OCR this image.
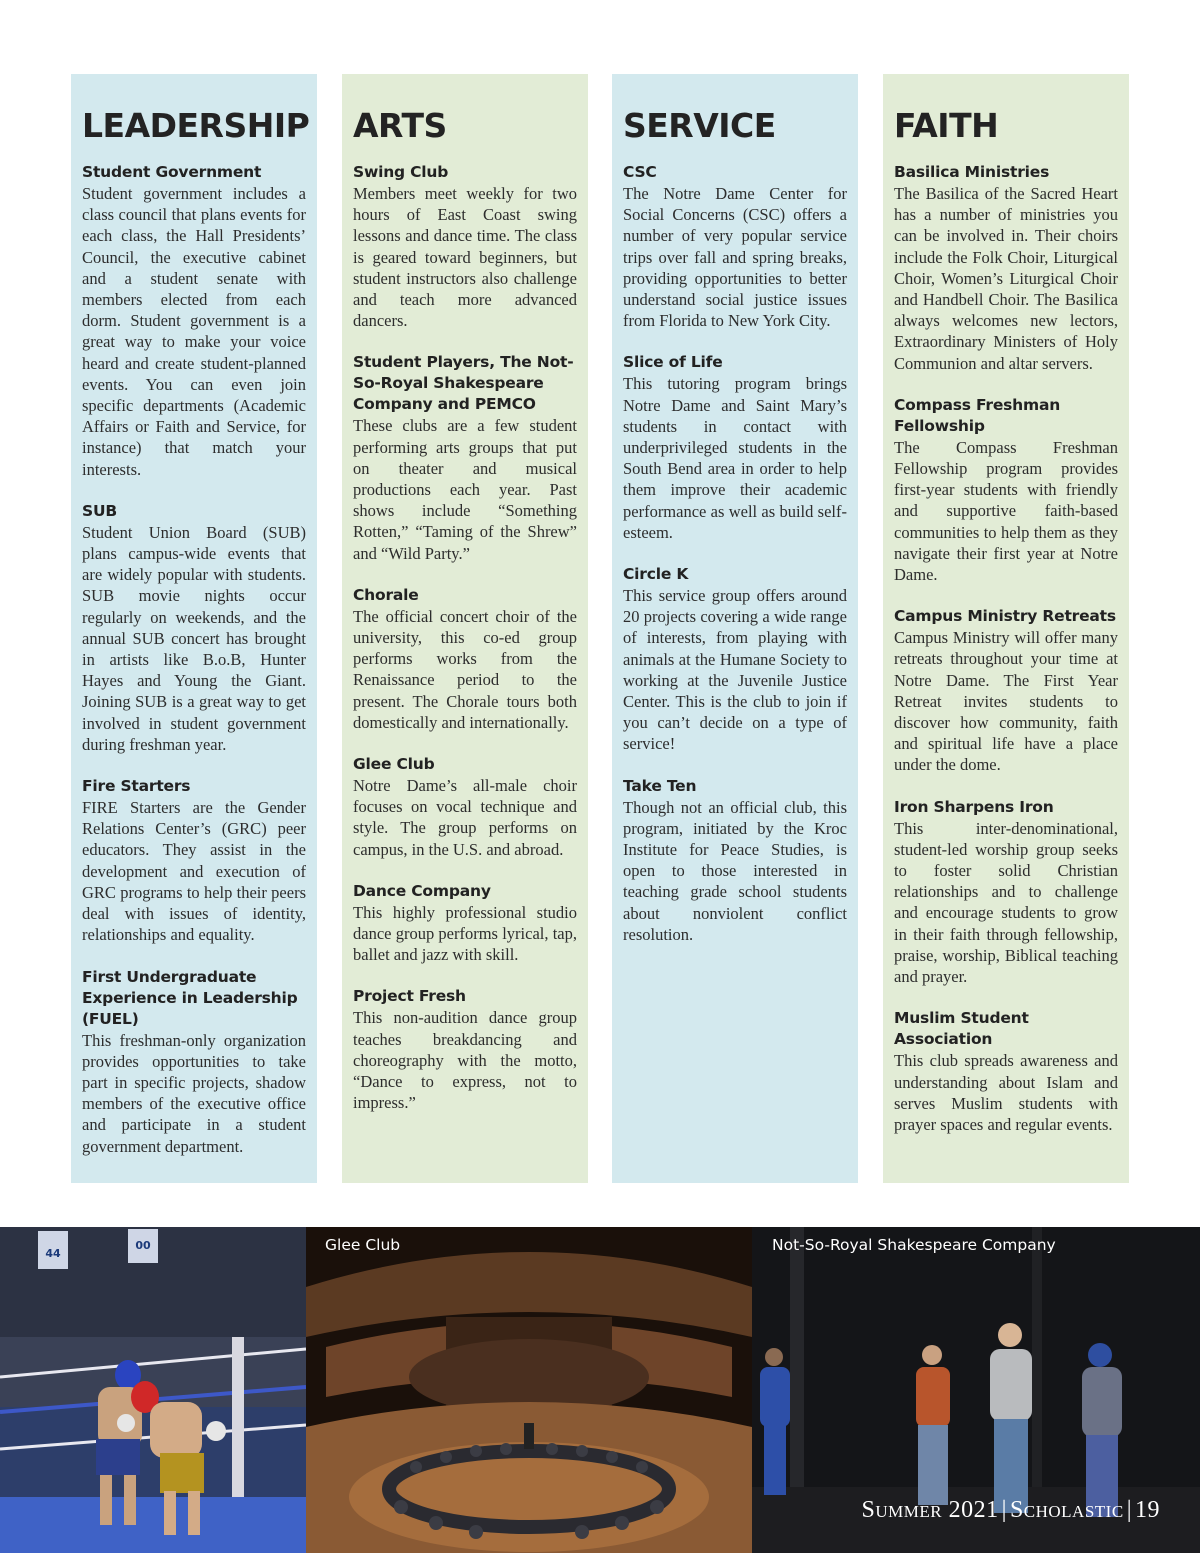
LEADERSHIP
Student Government
Student government includes a class council that plans events for each class, the Hall Presidents’ Council, the executive cabinet and a student senate with members elected from each dorm. Student government is a great way to make your voice heard and create student-planned events. You can even join specific departments (Academic Affairs or Faith and Service, for instance) that match your interests.
SUB
Student Union Board (SUB) plans campus-wide events that are widely popular with students. SUB movie nights occur regularly on weekends, and the annual SUB concert has brought in artists like B.o.B, Hunter Hayes and Young the Giant. Joining SUB is a great way to get involved in student government during freshman year.
Fire Starters
FIRE Starters are the Gender Relations Center’s (GRC) peer educators. They assist in the development and execution of GRC programs to help their peers deal with issues of identity, relationships and equality.
First Undergraduate Experience in Leadership (FUEL)
This freshman-only organization provides opportunities to take part in specific projects, shadow members of the executive office and participate in a student government department.
ARTS
Swing Club
Members meet weekly for two hours of East Coast swing lessons and dance time. The class is geared toward beginners, but student instructors also challenge and teach more advanced dancers.
Student Players, The Not-So-Royal Shakespeare Company and PEMCO
These clubs are a few student performing arts groups that put on theater and musical productions each year. Past shows include “Something Rotten,” “Taming of the Shrew” and “Wild Party.”
Chorale
The official concert choir of the university, this co-ed group performs works from the Renaissance period to the present. The Chorale tours both domestically and internationally.
Glee Club
Notre Dame’s all-male choir focuses on vocal technique and style. The group performs on campus, in the U.S. and abroad.
Dance Company
This highly professional studio dance group performs lyrical, tap, ballet and jazz with skill.
Project Fresh
This non-audition dance group teaches breakdancing and choreography with the motto, “Dance to express, not to impress.”
SERVICE
CSC
The Notre Dame Center for Social Concerns (CSC) offers a number of very popular service trips over fall and spring breaks, providing opportunities to better understand social justice issues from Florida to New York City.
Slice of Life
This tutoring program brings Notre Dame and Saint Mary’s students in contact with underprivileged students in the South Bend area in order to help them improve their academic performance as well as build self-esteem.
Circle K
This service group offers around 20 projects covering a wide range of interests, from playing with animals at the Humane Society to working at the Juvenile Justice Center. This is the club to join if you can’t decide on a type of service!
Take Ten
Though not an official club, this program, initiated by the Kroc Institute for Peace Studies, is open to those interested in teaching grade school students about nonviolent conflict resolution.
FAITH
Basilica Ministries
The Basilica of the Sacred Heart has a number of ministries you can be involved in. Their choirs include the Folk Choir, Liturgical Choir, Women’s Liturgical Choir and Handbell Choir. The Basilica always welcomes new lectors, Extraordinary Ministers of Holy Communion and altar servers.
Compass Freshman Fellowship
The Compass Freshman Fellowship program provides first-year students with friendly and supportive faith-based communities to help them as they navigate their first year at Notre Dame.
Campus Ministry Retreats
Campus Ministry will offer many retreats throughout your time at Notre Dame. The First Year Retreat invites students to discover how community, faith and spiritual life have a place under the dome.
Iron Sharpens Iron
This inter-denominational, student-led worship group seeks to foster solid Christian relationships and to challenge and encourage students to grow in their faith through fellowship, praise, worship, Biblical teaching and prayer.
Muslim Student Association
This club spreads awareness and understanding about Islam and serves Muslim students with prayer spaces and regular events.
44
00	Glee Club	Not-So-Royal Shakespeare Company
Summer 2021 | Scholastic | 19
